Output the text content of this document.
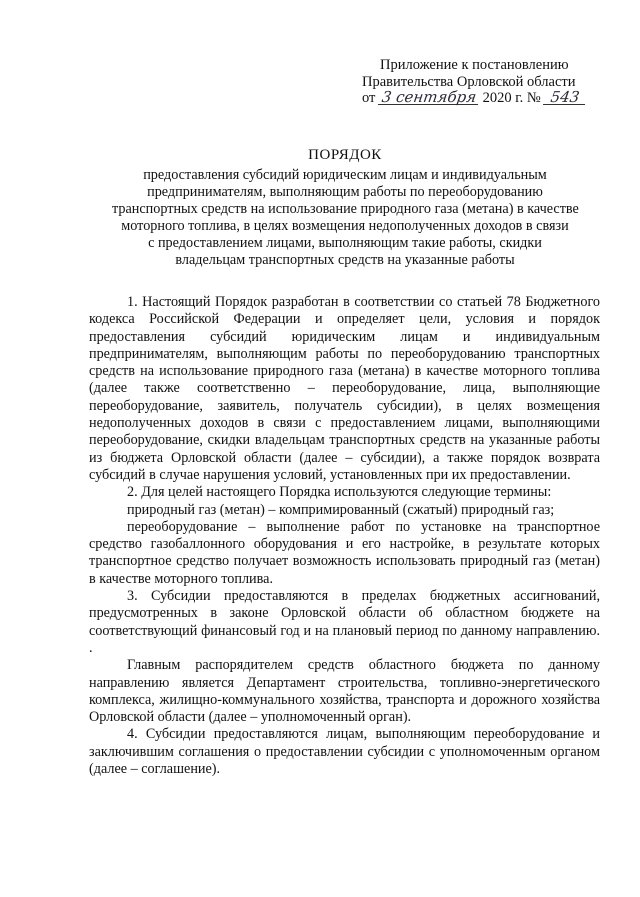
Приложение к постановлению
Правительства Орловской области
от 3 сентября 2020 г. № 543
ПОРЯДОК

предоставления субсидий юридическим лицам и индивидуальным
предпринимателям, выполняющим работы по переоборудованию
транспортных средств на использование природного газа (метана) в качестве
моторного топлива, в целях возмещения недополученных доходов в связи
с предоставлением лицами, выполняющим такие работы, скидки
владельцам транспортных средств на указанные работы

1. Настоящий Порядок разработан в соответствии со статьей 78 Бюджетного кодекса Российской Федерации и определяет цели, условия и порядок предоставления субсидий юридическим лицам и индивидуальным предпринимателям, выполняющим работы по переоборудованию транспортных средств на использование природного газа (метана) в качестве моторного топлива (далее также соответственно – переоборудование, лица, выполняющие переоборудование, заявитель, получатель субсидии), в целях возмещения недополученных доходов в связи с предоставлением лицами, выполняющими переоборудование, скидки владельцам транспортных средств на указанные работы из бюджета Орловской области (далее – субсидии), а также порядок возврата субсидий в случае нарушения условий, установленных при их предоставлении.

2. Для целей настоящего Порядка используются следующие термины:

природный газ (метан) – компримированный (сжатый) природный газ;

переоборудование – выполнение работ по установке на транспортное средство газобаллонного оборудования и его настройке, в результате которых транспортное средство получает возможность использовать природный газ (метан) в качестве моторного топлива.

3. Субсидии предоставляются в пределах бюджетных ассигнований, предусмотренных в законе Орловской области об областном бюджете на соответствующий финансовый год и на плановый период по данному направлению. .

Главным распорядителем средств областного бюджета по данному направлению является Департамент строительства, топливно-энергетического комплекса, жилищно-коммунального хозяйства, транспорта и дорожного хозяйства Орловской области (далее – уполномоченный орган).

4. Субсидии предоставляются лицам, выполняющим переоборудование и заключившим соглашения о предоставлении субсидии с уполномоченным органом (далее – соглашение).
